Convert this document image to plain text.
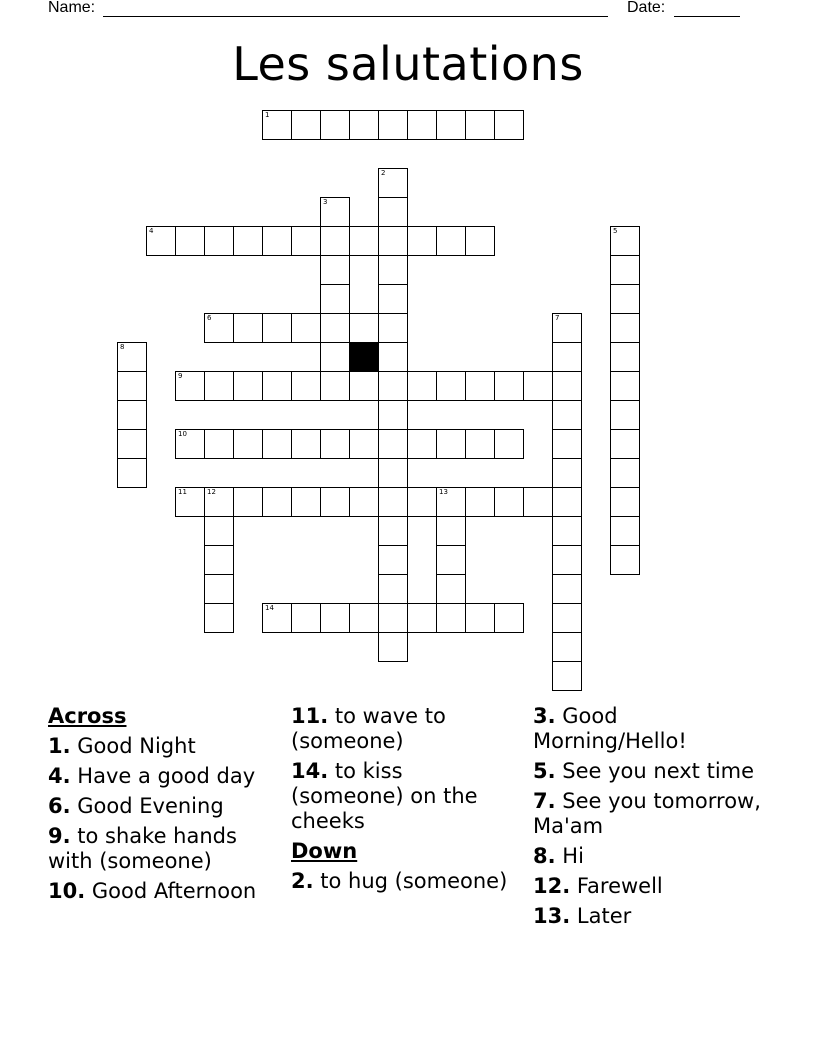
Name:	Date:
Les salutations
1
4
6
9
10
11	12	13
14
2
3
5
7
8
Across
1. Good Night
4. Have a good day
6. Good Evening
9. to shake hands with (someone)
10. Good Afternoon
11. to wave to (someone)
14. to kiss (someone) on the cheeks
Down
2. to hug (someone)
3. Good Morning/Hello!
5. See you next time
7. See you tomorrow, Ma'am
8. Hi
12. Farewell
13. Later
